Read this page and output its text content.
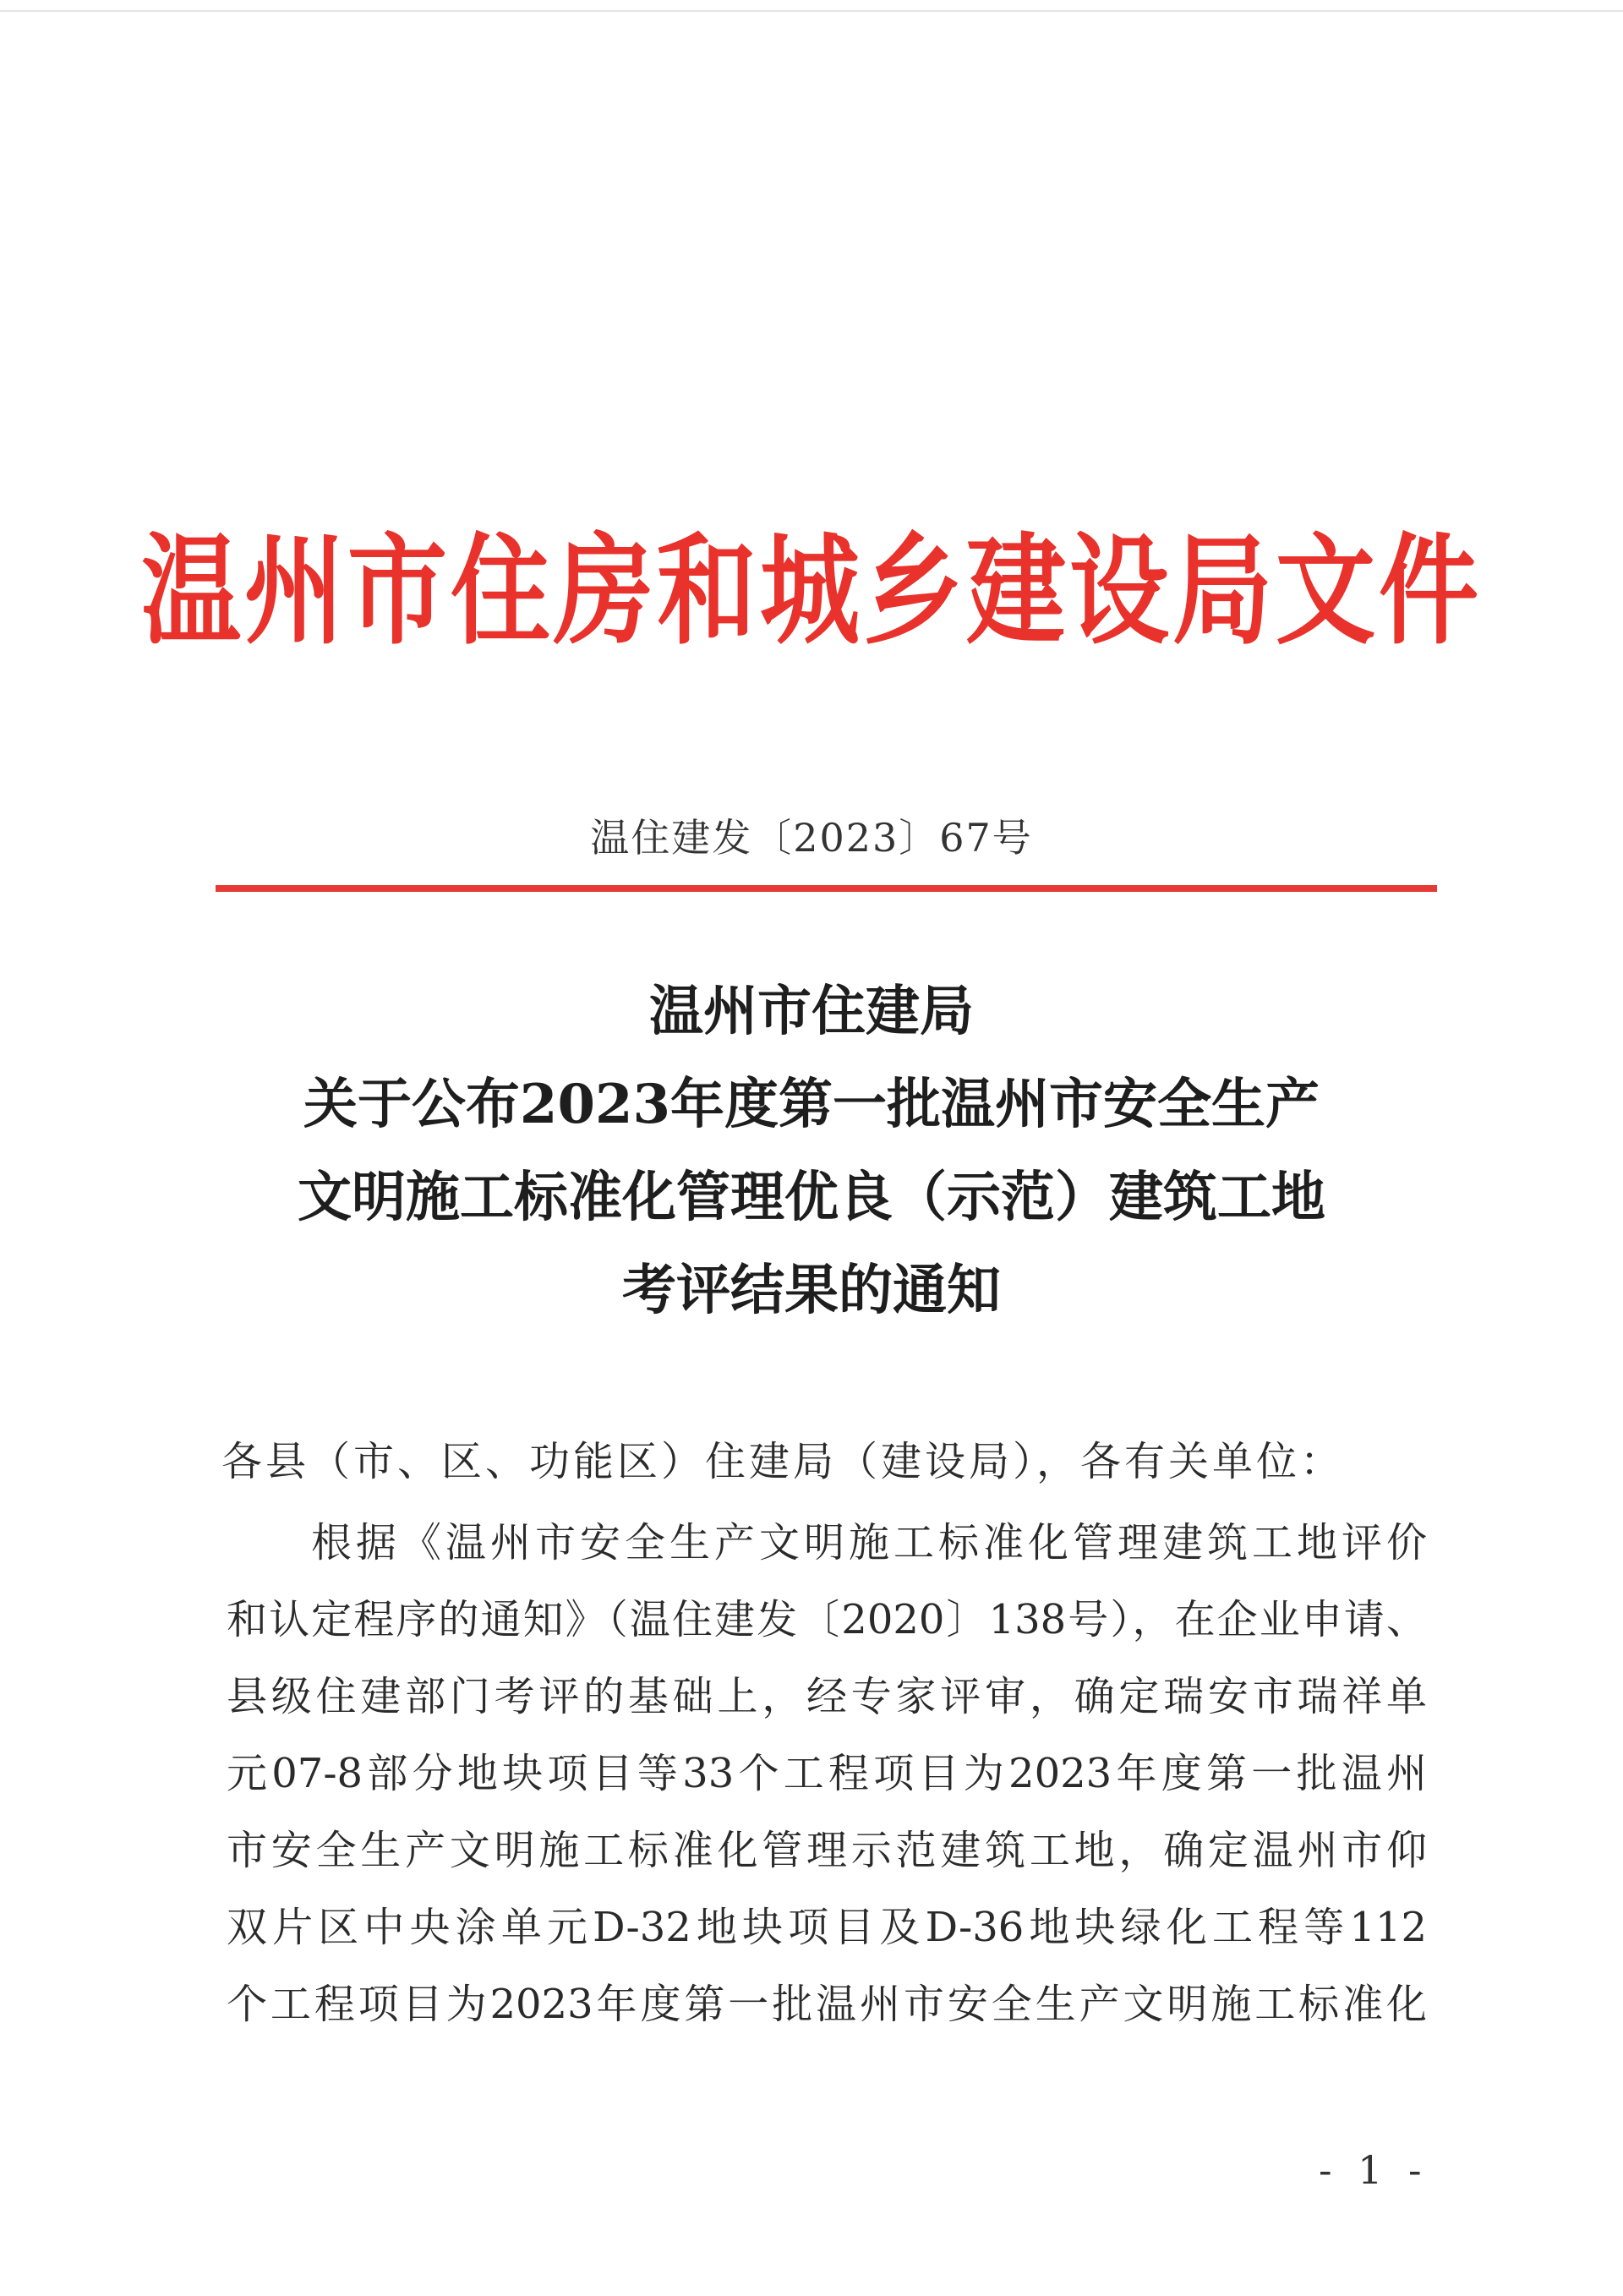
温州市住房和城乡建设局文件
温住建发〔2023〕67号
温州市住建局
关于公布2023年度第一批温州市安全生产
文明施工标准化管理优良（示范）建筑工地
考评结果的通知
各县（市、区、功能区）住建局（建设局），各有关单位：
根据《温州市安全生产文明施工标准化管理建筑工地评价
和认定程序的通知》（温住建发〔2020〕138号），在企业申请、
县级住建部门考评的基础上，经专家评审，确定瑞安市瑞祥单
元07-8部分地块项目等33个工程项目为2023年度第一批温州
市安全生产文明施工标准化管理示范建筑工地，确定温州市仰
双片区中央涂单元D-32地块项目及D-36地块绿化工程等112
个工程项目为2023年度第一批温州市安全生产文明施工标准化
- 1 -
